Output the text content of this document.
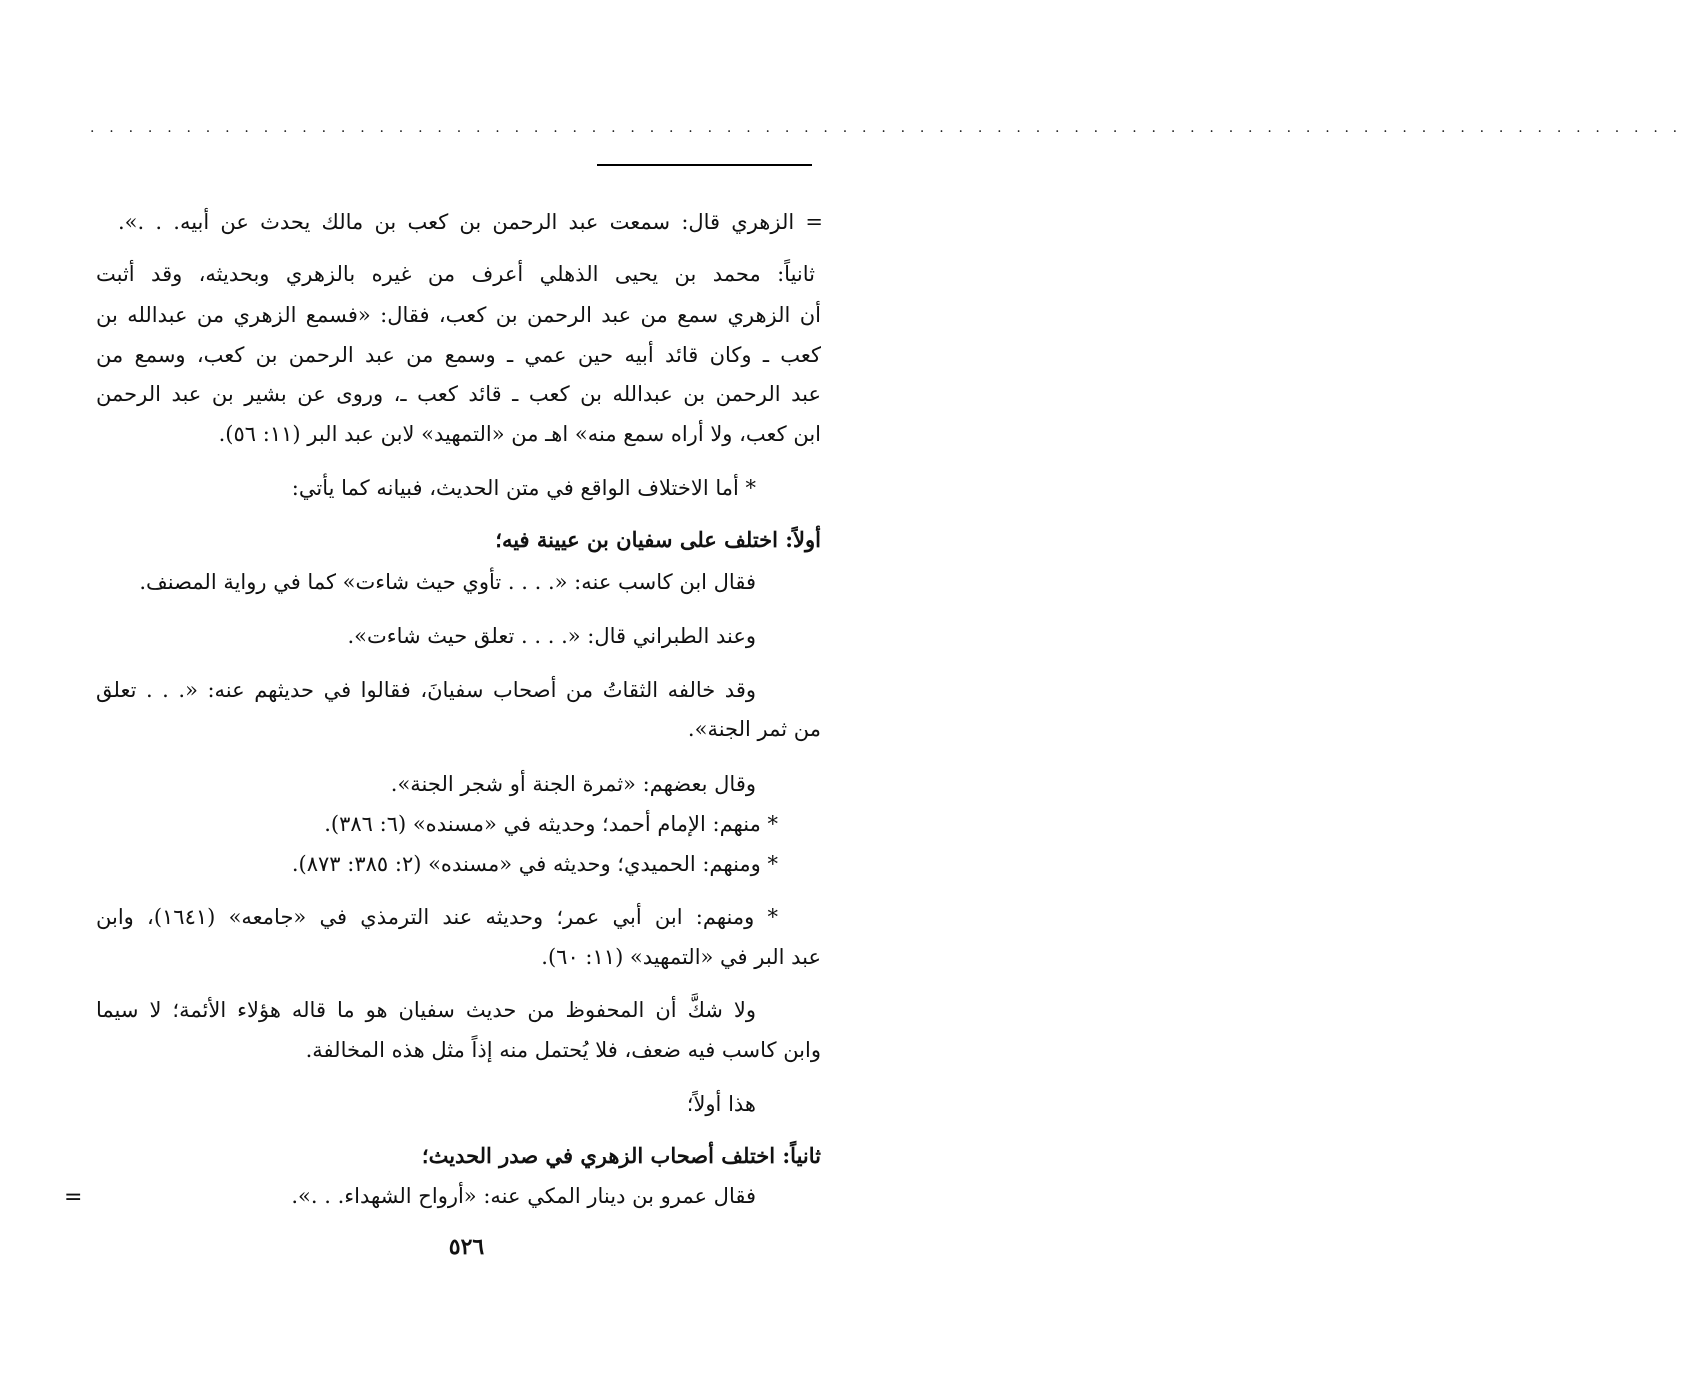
. . . . . . . . . . . . . . . . . . . . . . . . . . . . . . . . . . . . . . . . . . . . . . . . . . . . . . . . . . . . . . . . . . . . . . . . . . . . . . . . . . .
= الزهري قال: سمعت عبد الرحمن بن كعب بن مالك يحدث عن أبيه. . .».
ثانياً: محمد بن يحيى الذهلي أعرف من غيره بالزهري وبحديثه، وقد أثبت
أن الزهري سمع من عبد الرحمن بن كعب، فقال: «فسمع الزهري من عبدالله بن
كعب ـ وكان قائد أبيه حين عمي ـ وسمع من عبد الرحمن بن كعب، وسمع من
عبد الرحمن بن عبدالله بن كعب ـ قائد كعب ـ، وروى عن بشير بن عبد الرحمن
ابن كعب، ولا أراه سمع منه» اهـ من «التمهيد» لابن عبد البر (١١: ٥٦).
* أما الاختلاف الواقع في متن الحديث، فبيانه كما يأتي:
أولاً: اختلف على سفيان بن عيينة فيه؛
فقال ابن كاسب عنه: «. . . . تأوي حيث شاءت» كما في رواية المصنف.
وعند الطبراني قال: «. . . . تعلق حيث شاءت».
وقد خالفه الثقاتُ من أصحاب سفيانَ، فقالوا في حديثهم عنه: «. . . تعلق
من ثمر الجنة».
وقال بعضهم: «ثمرة الجنة أو شجر الجنة».
* منهم: الإمام أحمد؛ وحديثه في «مسنده» (٦: ٣٨٦).
* ومنهم: الحميدي؛ وحديثه في «مسنده» (٢: ٣٨٥: ٨٧٣).
* ومنهم: ابن أبي عمر؛ وحديثه عند الترمذي في «جامعه» (١٦٤١)، وابن
عبد البر في «التمهيد» (١١: ٦٠).
ولا شكَّ أن المحفوظ من حديث سفيان هو ما قاله هؤلاء الأئمة؛ لا سيما
وابن كاسب فيه ضعف، فلا يُحتمل منه إذاً مثل هذه المخالفة.
هذا أولاً؛
ثانياً: اختلف أصحاب الزهري في صدر الحديث؛
فقال عمرو بن دينار المكي عنه: «أرواح الشهداء. . .».
=
٥٢٦
